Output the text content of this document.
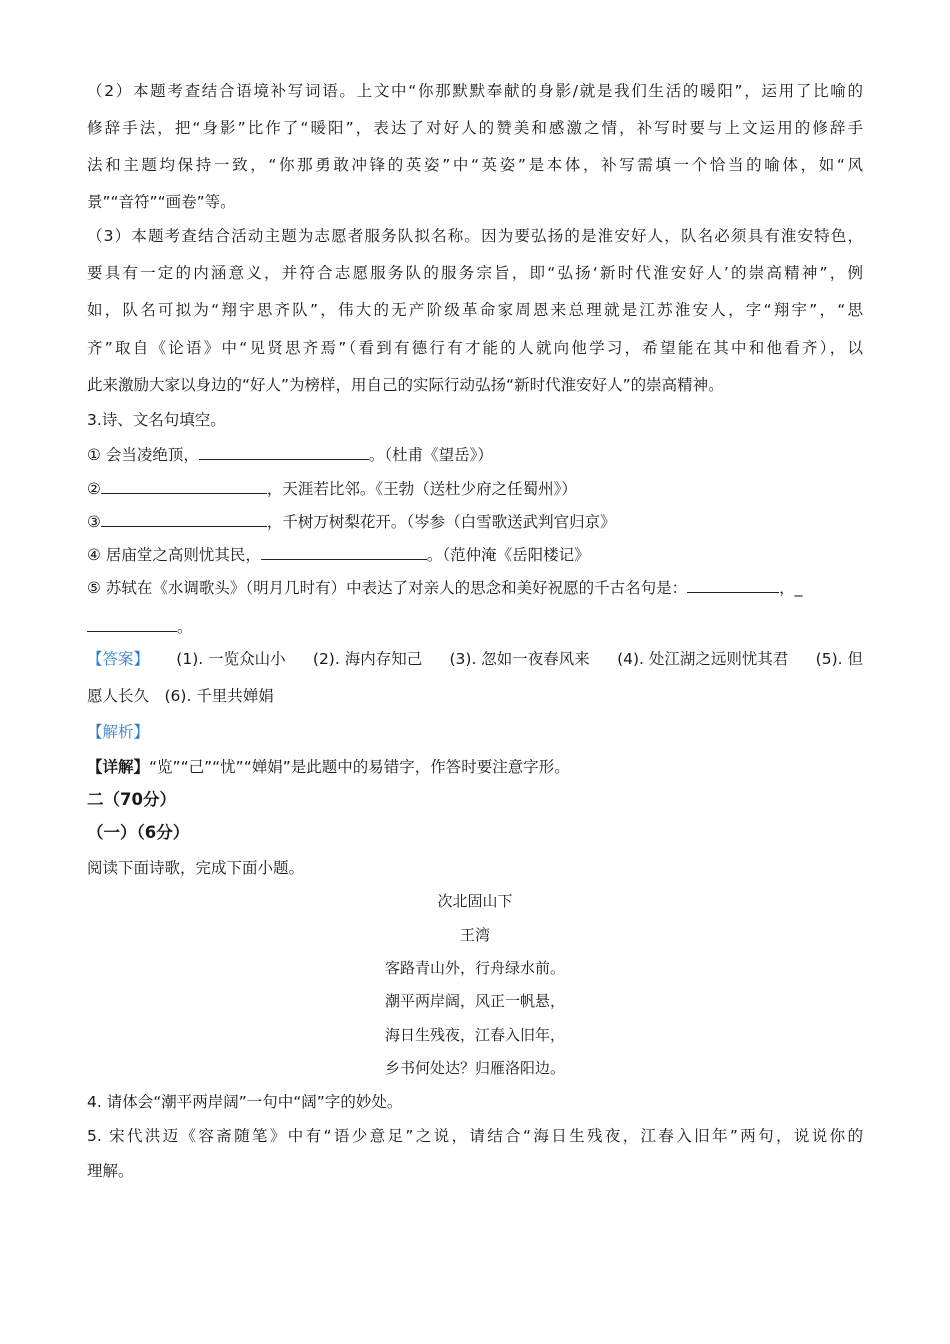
（2）本题考查结合语境补写词语。上文中“你那默默奉献的身影/就是我们生活的暖阳”，运用了比喻的
修辞手法，把“身影”比作了“暖阳”，表达了对好人的赞美和感激之情，补写时要与上文运用的修辞手
法和主题均保持一致，“你那勇敢冲锋的英姿”中“英姿”是本体，补写需填一个恰当的喻体，如“风
景”“音符”“画卷”等。
（3）本题考查结合活动主题为志愿者服务队拟名称。因为要弘扬的是淮安好人，队名必须具有淮安特色，
要具有一定的内涵意义，并符合志愿服务队的服务宗旨，即“弘扬‘新时代淮安好人’的崇高精神”，例
如，队名可拟为“翔宇思齐队”，伟大的无产阶级革命家周恩来总理就是江苏淮安人，字“翔宇”，“思
齐”取自《论语》中“见贤思齐焉”（看到有德行有才能的人就向他学习，希望能在其中和他看齐），以
此来激励大家以身边的“好人”为榜样，用自己的实际行动弘扬“新时代淮安好人”的崇高精神。
3.诗、文名句填空。
① 会当凌绝顶，	。（杜甫《望岳》）
②	，天涯若比邻。《王勃（送杜少府之任蜀州》）
③	，千树万树梨花开。（岑参（白雪歌送武判官归京》
④ 居庙堂之高则忧其民，	。（范仲淹《岳阳楼记》
⑤ 苏轼在《水调歌头》（明月几时有）中表达了对亲人的思念和美好祝愿的千古名句是：	，_
。
【答案】 (1). 一览众山小 (2). 海内存知己 (3). 忽如一夜春风来 (4). 处江湖之远则忧其君 (5). 但
愿人长久　(6). 千里共婵娟
【解析】
【详解】“览”“己”“忧”“婵娟”是此题中的易错字，作答时要注意字形。
二（70分）
（一）（6分）
阅读下面诗歌，完成下面小题。
次北固山下
王湾
客路青山外，行舟绿水前。
潮平两岸阔，风正一帆悬，
海日生残夜，江春入旧年，
乡书何处达？归雁洛阳边。
4. 请体会“潮平两岸阔”一句中“阔”字的妙处。
5. 宋代洪迈《容斋随笔》中有“语少意足”之说，请结合“海日生残夜，江春入旧年”两句，说说你的
理解。
